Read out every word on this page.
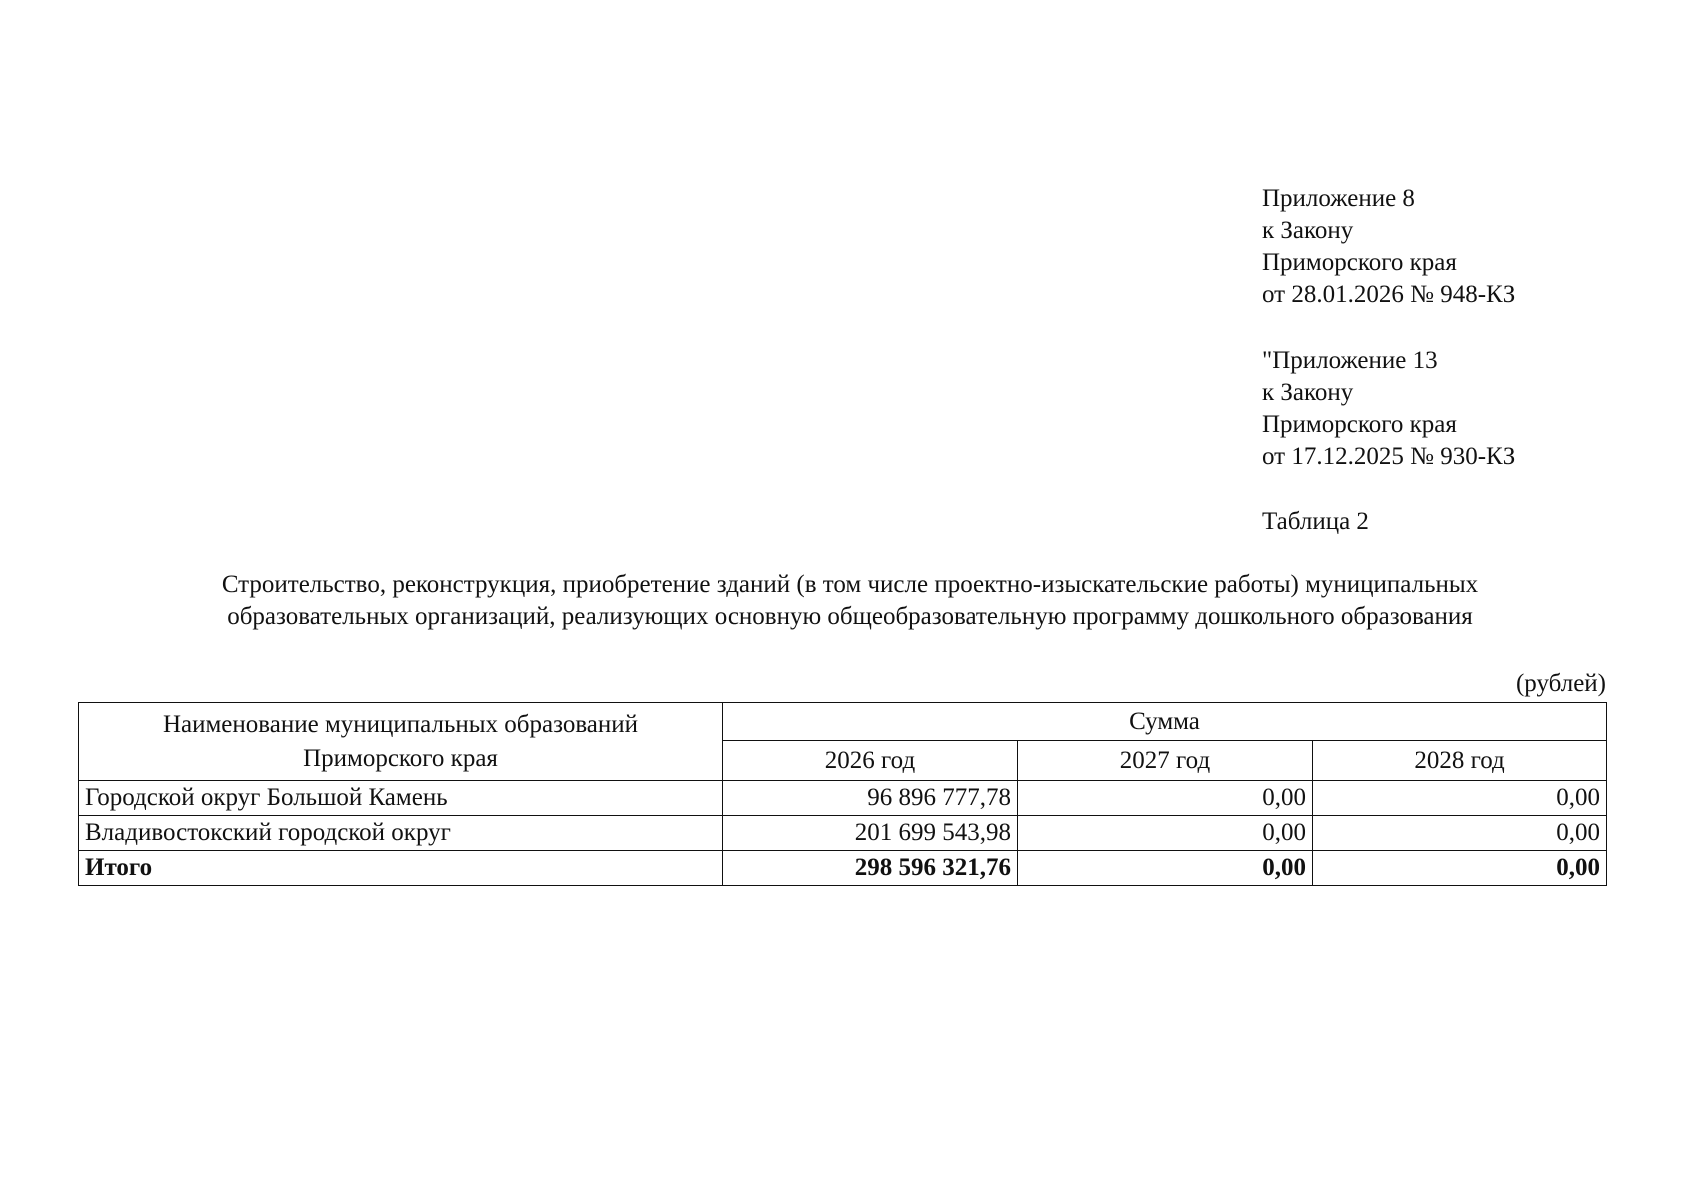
Приложение 8
к Закону
Приморского края
от 28.01.2026 № 948-КЗ
"Приложение 13
к Закону
Приморского края
от 17.12.2025 № 930-КЗ
Таблица 2
Строительство, реконструкция, приобретение зданий (в том числе проектно-изыскательские работы) муниципальных
образовательных организаций, реализующих основную общеобразовательную программу дошкольного образования
(рублей)
Наименование муниципальных образований
Приморского края	Сумма		
	2026 год	2027 год	2028 год
Городской округ Большой Камень	96 896 777,78	0,00	0,00
Владивостокский городской округ	201 699 543,98	0,00	0,00
Итого	298 596 321,76	0,00	0,00
